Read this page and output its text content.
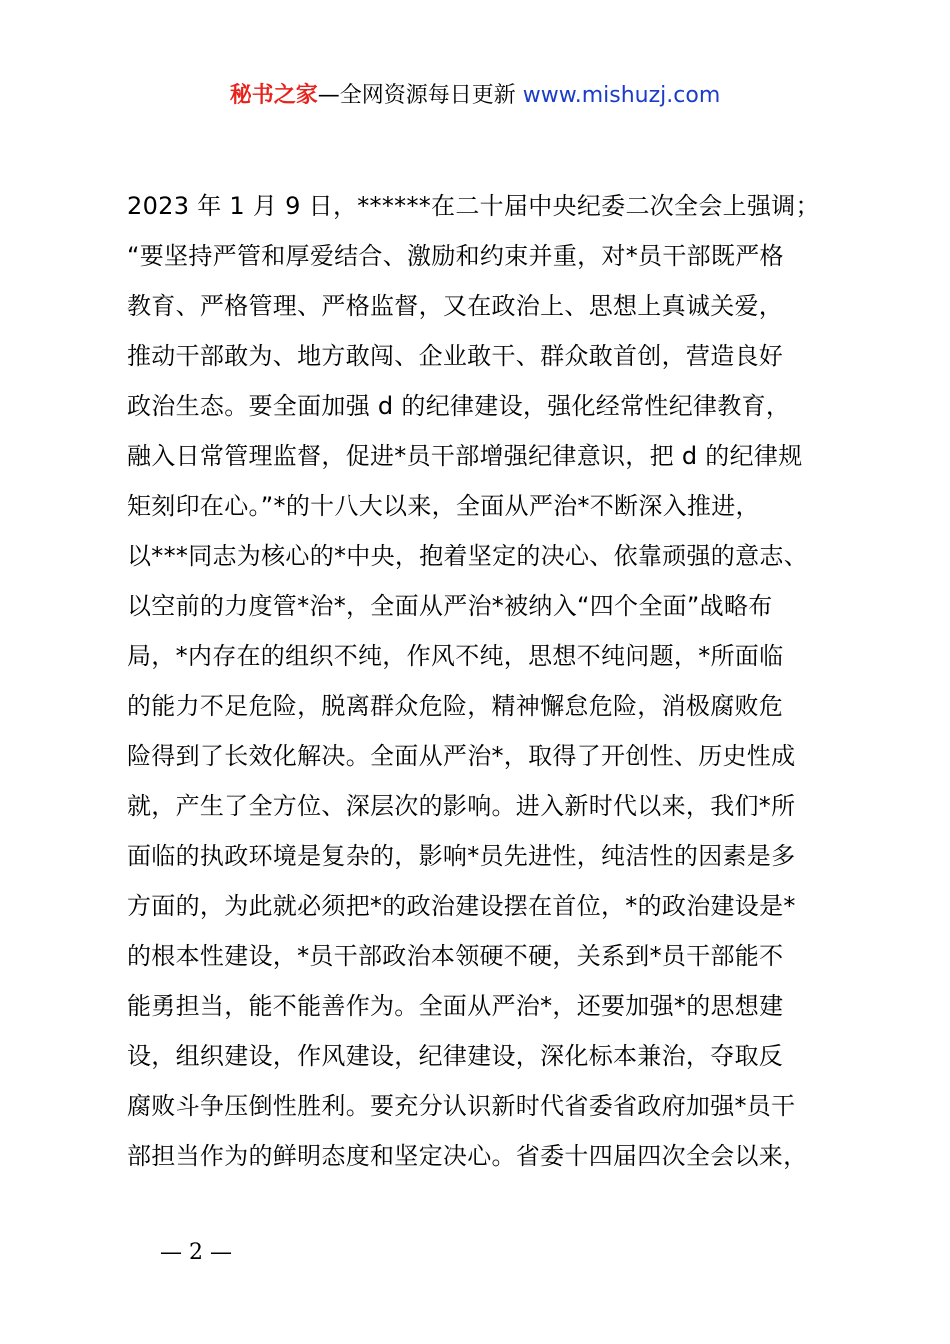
秘书之家—全网资源每日更新 www.mishuzj.com
2023 年 1 月 9 日，******在二十届中央纪委二次全会上强调；
“要坚持严管和厚爱结合、激励和约束并重，对*员干部既严格
教育、严格管理、严格监督，又在政治上、思想上真诚关爱，
推动干部敢为、地方敢闯、企业敢干、群众敢首创，营造良好
政治生态。要全面加强 d 的纪律建设，强化经常性纪律教育，
融入日常管理监督，促进*员干部增强纪律意识，把 d 的纪律规
矩刻印在心。”*的十八大以来，全面从严治*不断深入推进，
以***同志为核心的*中央，抱着坚定的决心、依靠顽强的意志、
以空前的力度管*治*，全面从严治*被纳入“四个全面”战略布
局，*内存在的组织不纯，作风不纯，思想不纯问题，*所面临
的能力不足危险，脱离群众危险，精神懈怠危险，消极腐败危
险得到了长效化解决。全面从严治*，取得了开创性、历史性成
就，产生了全方位、深层次的影响。进入新时代以来，我们*所
面临的执政环境是复杂的，影响*员先进性，纯洁性的因素是多
方面的，为此就必须把*的政治建设摆在首位，*的政治建设是*
的根本性建设，*员干部政治本领硬不硬，关系到*员干部能不
能勇担当，能不能善作为。全面从严治*，还要加强*的思想建
设，组织建设，作风建设，纪律建设，深化标本兼治，夺取反
腐败斗争压倒性胜利。要充分认识新时代省委省政府加强*员干
部担当作为的鲜明态度和坚定决心。省委十四届四次全会以来，
— 2 —
